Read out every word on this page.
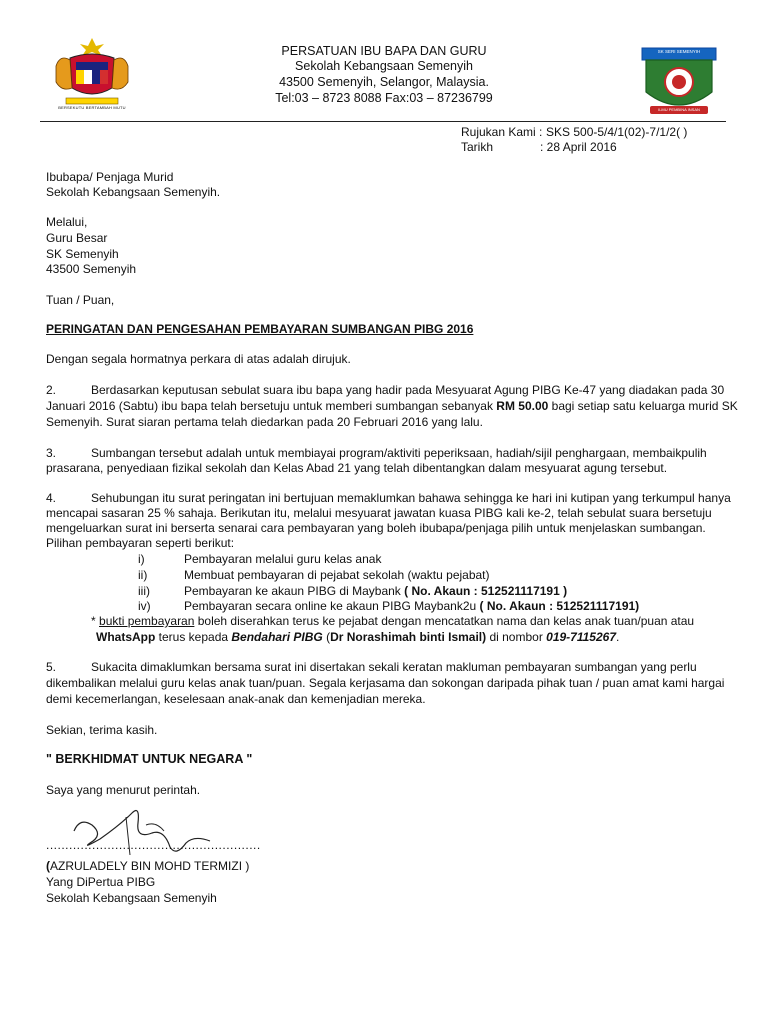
BERSEKUTU BERTAMBAH MUTU
SK SERI SEMENYIH
ILMU PEMBINA INSAN
PERSATUAN IBU BAPA DAN GURU
Sekolah Kebangsaan Semenyih
43500 Semenyih, Selangor, Malaysia.
Tel:03 – 8723 8088 Fax:03 – 87236799
Rujukan Kami : SKS 500-5/4/1(02)-7/1/2( )
Tarikh	: 28 April 2016
Ibubapa/ Penjaga Murid
Sekolah Kebangsaan Semenyih.
Melalui,
Guru Besar
SK Semenyih
43500 Semenyih
Tuan / Puan,
PERINGATAN DAN PENGESAHAN PEMBAYARAN SUMBANGAN PIBG 2016
Dengan segala hormatnya perkara di atas adalah dirujuk.
2.	Berdasarkan keputusan sebulat suara ibu bapa yang hadir pada Mesyuarat Agung PIBG Ke-47 yang diadakan pada 30
Januari 2016 (Sabtu) ibu bapa telah bersetuju untuk memberi sumbangan sebanyak RM 50.00 bagi setiap satu keluarga murid SK
Semenyih. Surat siaran pertama telah diedarkan pada 20 Februari 2016 yang lalu.
3.	Sumbangan tersebut adalah untuk membiayai program/aktiviti peperiksaan, hadiah/sijil penghargaan, membaikpulih
prasarana, penyediaan fizikal sekolah dan Kelas Abad 21 yang telah dibentangkan dalam mesyuarat agung tersebut.
4.	Sehubungan itu surat peringatan ini bertujuan memaklumkan bahawa sehingga ke hari ini kutipan yang terkumpul hanya
mencapai sasaran 25 % sahaja. Berikutan itu, melalui mesyuarat jawatan kuasa PIBG kali ke-2, telah sebulat suara bersetuju
mengeluarkan surat ini berserta senarai cara pembayaran yang boleh ibubapa/penjaga pilih untuk menjelaskan sumbangan.
Pilihan pembayaran seperti berikut:
i)	Pembayaran melalui guru kelas anak
ii)	Membuat pembayaran di pejabat sekolah (waktu pejabat)
iii)	Pembayaran ke akaun PIBG di Maybank ( No. Akaun : 512521117191 )
iv)	Pembayaran secara online ke akaun PIBG Maybank2u ( No. Akaun : 512521117191)
* bukti pembayaran boleh diserahkan terus ke pejabat dengan mencatatkan nama dan kelas anak tuan/puan atau
WhatsApp terus kepada Bendahari PIBG (Dr Norashimah binti Ismail) di nombor 019-7115267.
5.	Sukacita dimaklumkan bersama surat ini disertakan sekali keratan makluman pembayaran sumbangan yang perlu
dikembalikan melalui guru kelas anak tuan/puan. Segala kerjasama dan sokongan daripada pihak tuan / puan amat kami hargai
demi kecemerlangan, keselesaan anak-anak dan kemenjadian mereka.
Sekian, terima kasih.
" BERKHIDMAT UNTUK NEGARA "
Saya yang menurut perintah.
........................................................
(AZRULADELY BIN MOHD TERMIZI )
Yang DiPertua PIBG
Sekolah Kebangsaan Semenyih
